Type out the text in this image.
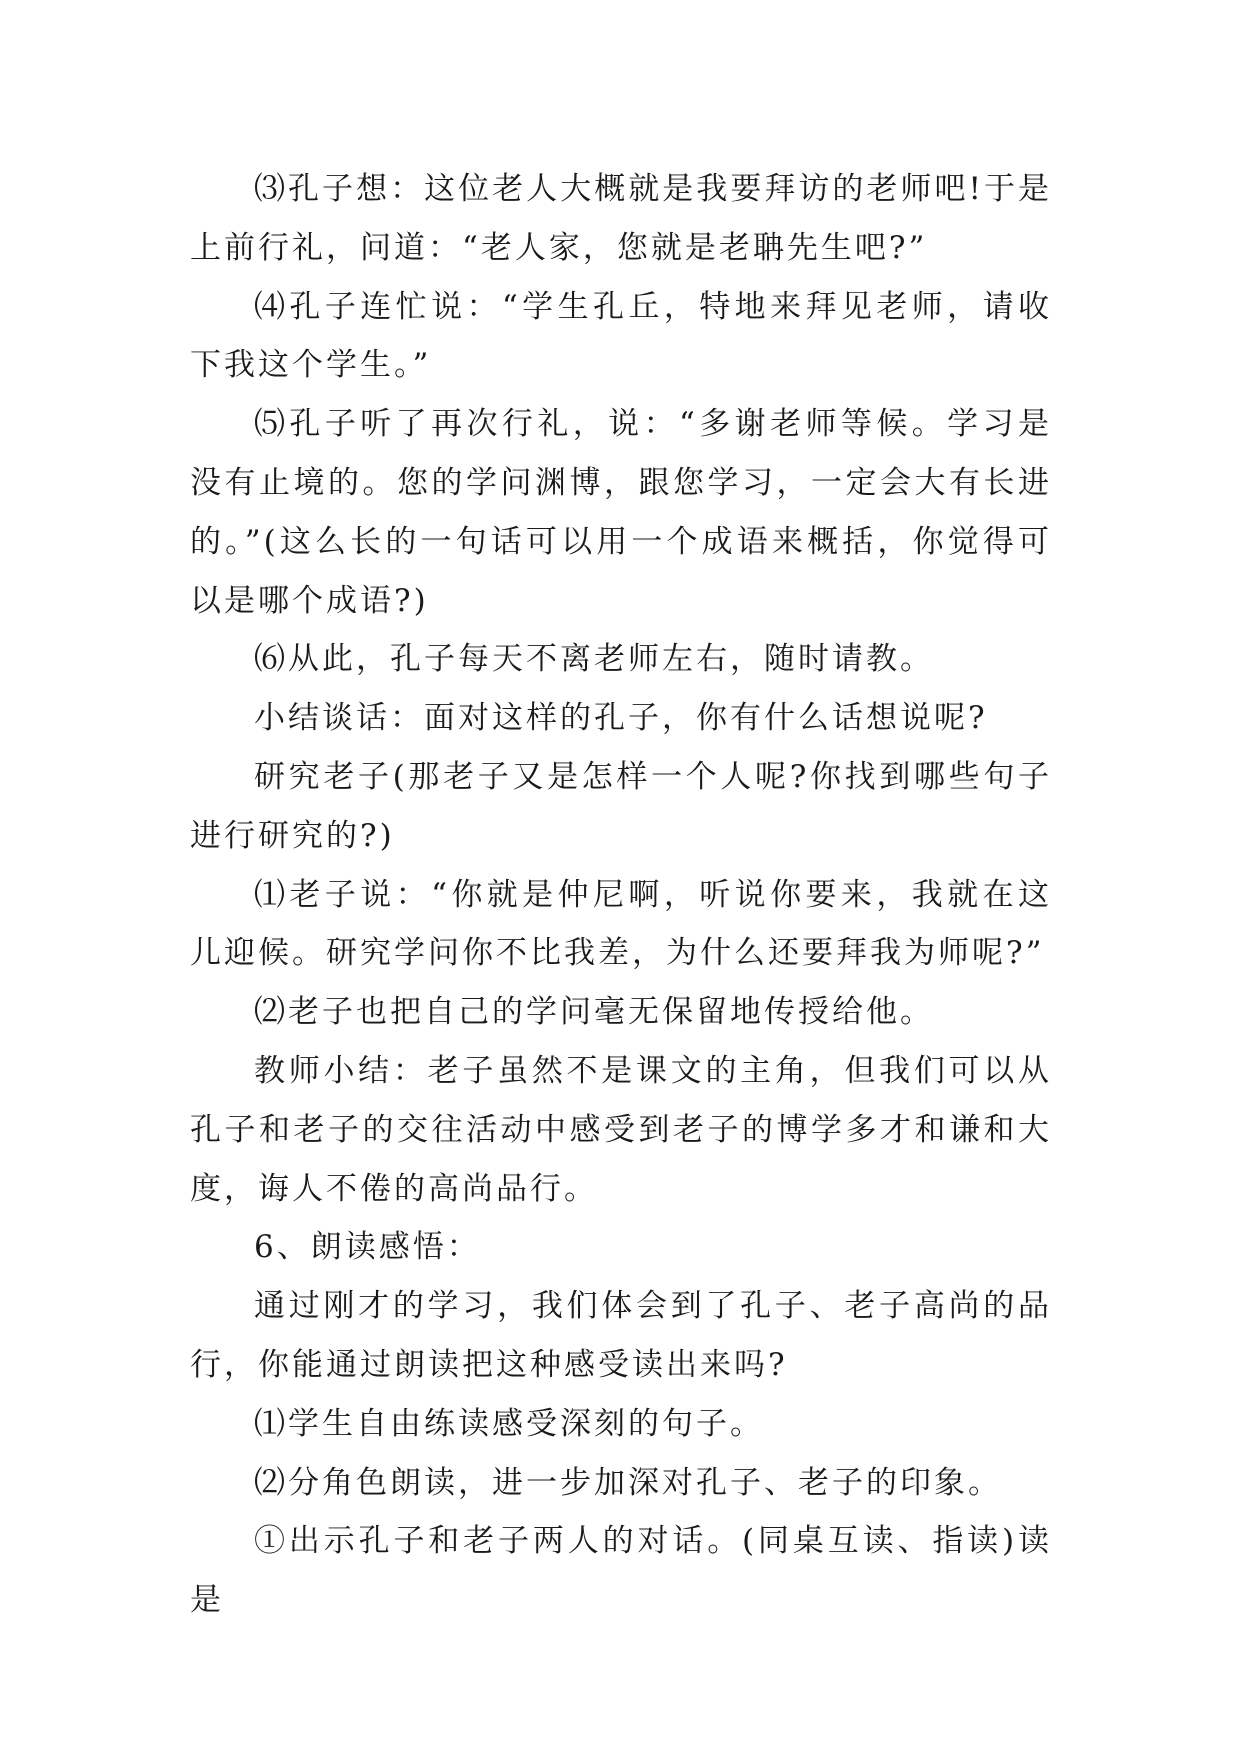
⑶孔子想：这位老人大概就是我要拜访的老师吧!于是上前行礼，问道：“老人家，您就是老聃先生吧?”

⑷孔子连忙说：“学生孔丘，特地来拜见老师，请收下我这个学生。”

⑸孔子听了再次行礼，说：“多谢老师等候。学习是没有止境的。您的学问渊博，跟您学习，一定会大有长进的。”(这么长的一句话可以用一个成语来概括，你觉得可以是哪个成语?)

⑹从此，孔子每天不离老师左右，随时请教。

小结谈话：面对这样的孔子，你有什么话想说呢?

研究老子(那老子又是怎样一个人呢?你找到哪些句子进行研究的?)

⑴老子说：“你就是仲尼啊，听说你要来，我就在这儿迎候。研究学问你不比我差，为什么还要拜我为师呢?”

⑵老子也把自己的学问毫无保留地传授给他。

教师小结：老子虽然不是课文的主角，但我们可以从孔子和老子的交往活动中感受到老子的博学多才和谦和大度，诲人不倦的高尚品行。

6、朗读感悟：

通过刚才的学习，我们体会到了孔子、老子高尚的品行，你能通过朗读把这种感受读出来吗?

⑴学生自由练读感受深刻的句子。

⑵分角色朗读，进一步加深对孔子、老子的印象。

①出示孔子和老子两人的对话。(同桌互读、指读)读是
